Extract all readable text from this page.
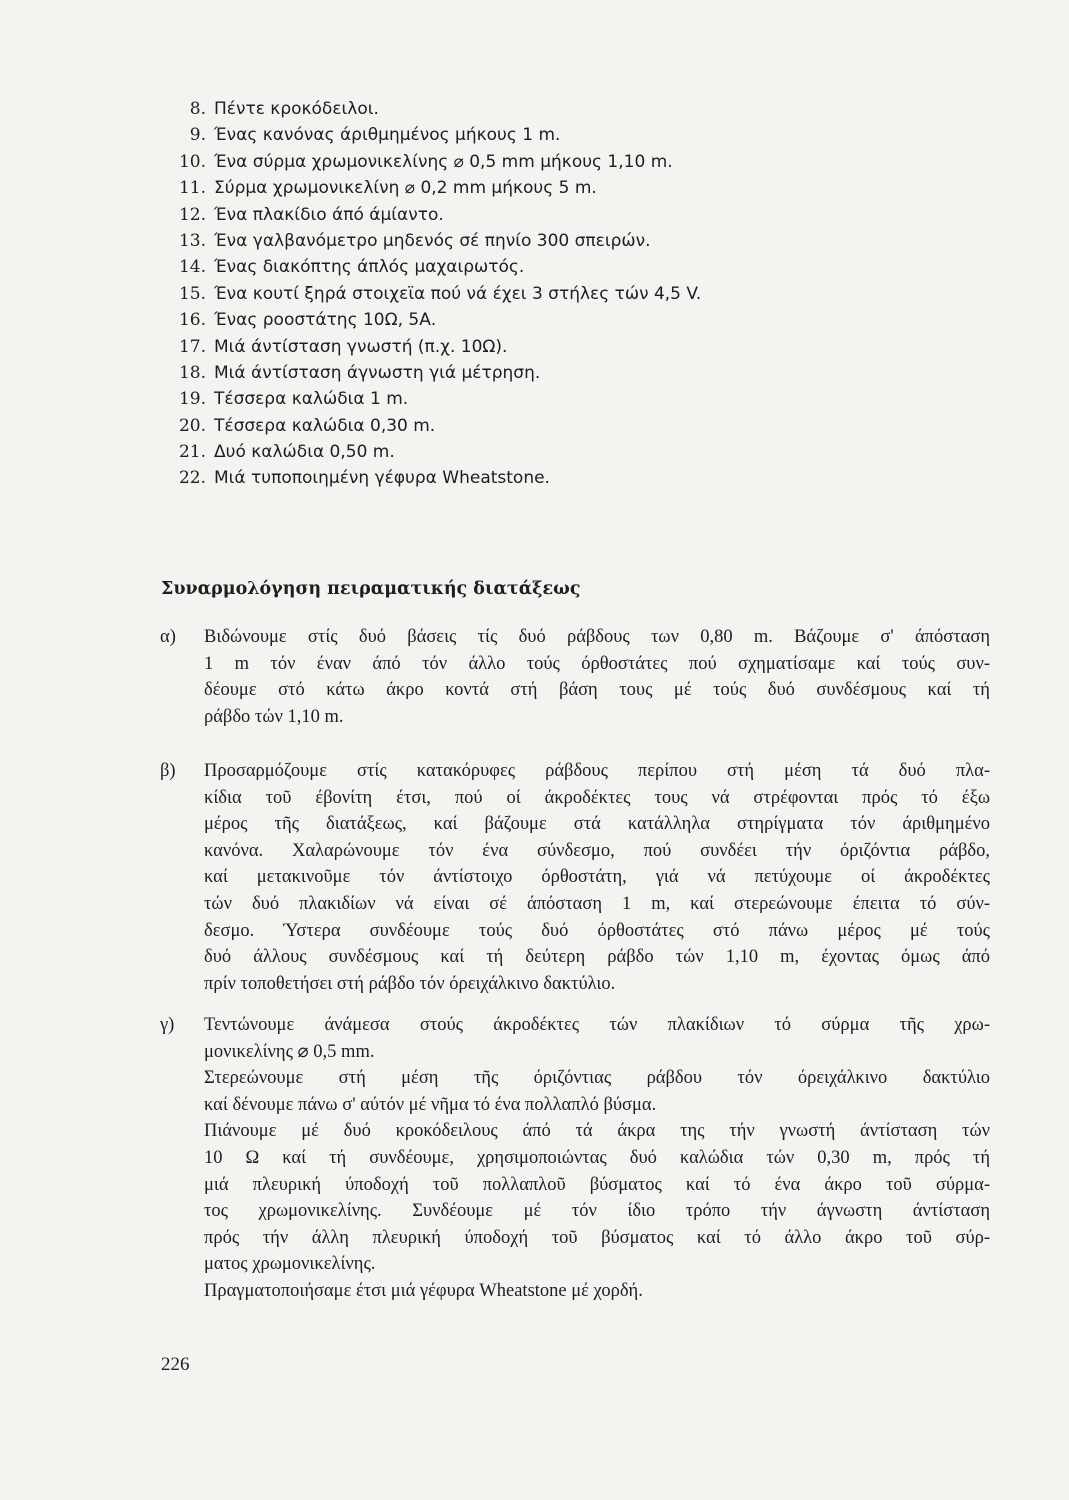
8. Πέντε κροκόδειλοι.
9. Ένας κανόνας άριθμημένος μήκους 1 m.
10. Ένα σύρμα χρωμονικελίνης ⌀ 0,5 mm μήκους 1,10 m.
11. Σύρμα χρωμονικελίνη ⌀ 0,2 mm μήκους 5 m.
12. Ένα πλακίδιο άπό άμίαντο.
13. Ένα γαλβανόμετρο μηδενός σέ πηνίο 300 σπειρών.
14. Ένας διακόπτης άπλός μαχαιρωτός.
15. Ένα κουτί ξηρά στοιχεϊα πού νά έχει 3 στήλες τών 4,5 V.
16. Ένας ροοστάτης 10Ω, 5Α.
17. Μιά άντίσταση γνωστή (π.χ. 10Ω).
18. Μιά άντίσταση άγνωστη γιά μέτρηση.
19. Τέσσερα καλώδια 1 m.
20. Τέσσερα καλώδια 0,30 m.
21. Δυό καλώδια 0,50 m.
22. Μιά τυποποιημένη γέφυρα Wheatstone.
Συναρμολόγηση πειραματικής διατάξεως
α)	Βιδώνουμε στίς δυό βάσεις τίς δυό ράβδους των 0,80 m. Βάζουμε σ' άπόσταση
1 m τόν έναν άπό τόν άλλο τούς όρθοστάτες πού σχηματίσαμε καί τούς συν-
δέουμε στό κάτω άκρο κοντά στή βάση τους μέ τούς δυό συνδέσμους καί τή
ράβδο τών 1,10 m.
β)	Προσαρμόζουμε στίς κατακόρυφες ράβδους περίπου στή μέση τά δυό πλα-
κίδια τοῦ έβονίτη έτσι, πού οί άκροδέκτες τους νά στρέφονται πρός τό έξω
μέρος τῆς διατάξεως, καί βάζουμε στά κατάλληλα στηρίγματα τόν άριθμημένο
κανόνα. Χαλαρώνουμε τόν ένα σύνδεσμο, πού συνδέει τήν όριζόντια ράβδο,
καί μετακινοῦμε τόν άντίστοιχο όρθοστάτη, γιά νά πετύχουμε οί άκροδέκτες
τών δυό πλακιδίων νά είναι σέ άπόσταση 1 m, καί στερεώνουμε έπειτα τό σύν-
δεσμο. Ύστερα συνδέουμε τούς δυό όρθοστάτες στό πάνω μέρος μέ τούς
δυό άλλους συνδέσμους καί τή δεύτερη ράβδο τών 1,10 m, έχοντας όμως άπό
πρίν τοποθετήσει στή ράβδο τόν όρειχάλκινο δακτύλιο.
γ)	Τεντώνουμε άνάμεσα στούς άκροδέκτες τών πλακίδιων τό σύρμα τῆς χρω-
μονικελίνης ⌀ 0,5 mm.
Στερεώνουμε στή μέση τῆς όριζόντιας ράβδου τόν όρειχάλκινο δακτύλιο
καί δένουμε πάνω σ' αύτόν μέ νῆμα τό ένα πολλαπλό βύσμα.
Πιάνουμε μέ δυό κροκόδειλους άπό τά άκρα της τήν γνωστή άντίσταση τών
10 Ω καί τή συνδέουμε, χρησιμοποιώντας δυό καλώδια τών 0,30 m, πρός τή
μιά πλευρική ύποδοχή τοῦ πολλαπλοῦ βύσματος καί τό ένα άκρο τοῦ σύρμα-
τος χρωμονικελίνης. Συνδέουμε μέ τόν ίδιο τρόπο τήν άγνωστη άντίσταση
πρός τήν άλλη πλευρική ύποδοχή τοῦ βύσματος καί τό άλλο άκρο τοῦ σύρ-
ματος χρωμονικελίνης.
Πραγματοποιήσαμε έτσι μιά γέφυρα Wheatstone μέ χορδή.
226
